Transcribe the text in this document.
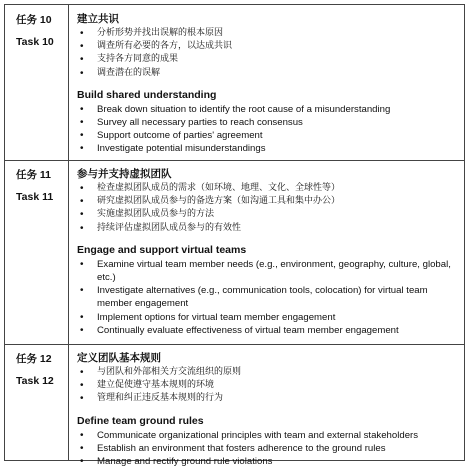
任务 10
Task 10
建立共识
• 分析形势并找出误解的根本原因
• 调查所有必要的各方，以达成共识
• 支持各方同意的成果
• 调查潜在的误解
Build shared understanding
• Break down situation to identify the root cause of a misunderstanding
• Survey all necessary parties to reach consensus
• Support outcome of parties' agreement
• Investigate potential misunderstandings
任务 11
Task 11
参与并支持虚拟团队
• 检查虚拟团队成员的需求（如环境、地理、文化、全球性等）
• 研究虚拟团队成员参与的备选方案（如沟通工具和集中办公）
• 实施虚拟团队成员参与的方法
• 持续评估虚拟团队成员参与的有效性
Engage and support virtual teams
• Examine virtual team member needs (e.g., environment, geography, culture, global, etc.)
• Investigate alternatives (e.g., communication tools, colocation) for virtual team member engagement
• Implement options for virtual team member engagement
• Continually evaluate effectiveness of virtual team member engagement
任务 12
Task 12
定义团队基本规则
• 与团队和外部相关方交流组织的原则
• 建立促使遵守基本规则的环境
• 管理和纠正违反基本规则的行为
Define team ground rules
• Communicate organizational principles with team and external stakeholders
• Establish an environment that fosters adherence to the ground rules
• Manage and rectify ground rule violations
